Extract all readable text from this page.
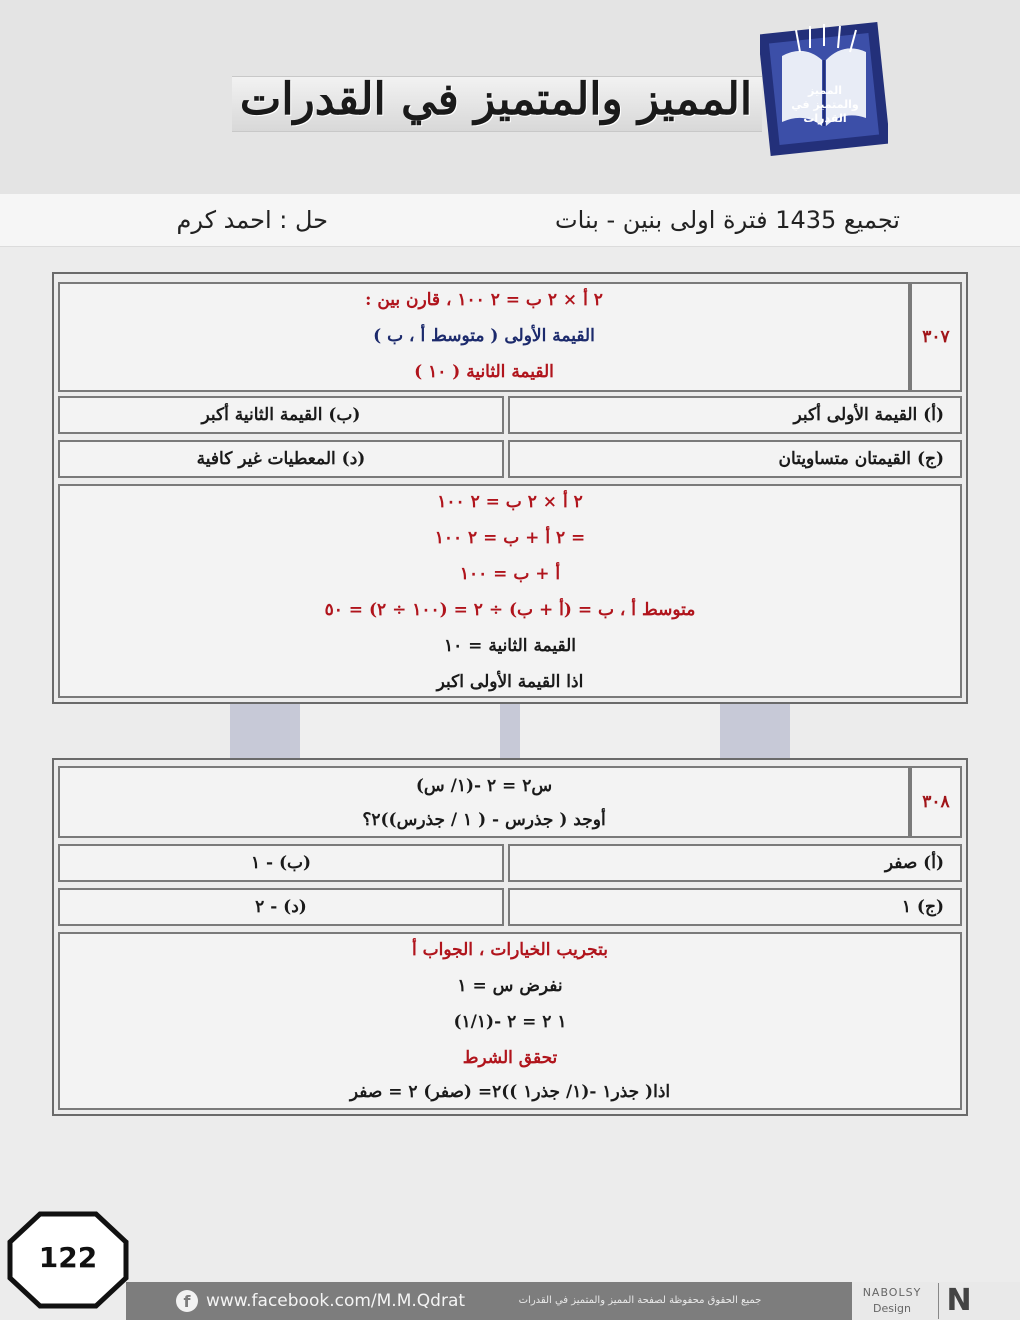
المميز والمتميز في القدرات	المميز والمتميز في القدرات
حل : احمد كرم	تجميع 1435 فترة اولى بنين - بنات
٣٠٧
٢ أ × ٢ ب = ٢ ١٠٠ ، قارن بين :
القيمة الأولى ( متوسط أ ، ب )
القيمة الثانية ( ١٠ )
(أ) القيمة الأولى أكبر
(ب) القيمة الثانية أكبر
(ج) القيمتان متساويتان
(د) المعطيات غير كافية
٢ أ × ٢ ب = ٢ ١٠٠
= ٢ أ + ب = ٢ ١٠٠
أ + ب = ١٠٠
متوسط أ ، ب = (أ + ب) ÷ ٢ = (١٠٠ ÷ ٢) = ٥٠
القيمة الثانية = ١٠
اذا القيمة الأولى اكبر
٣٠٨
س٢ = ٢ -(١/ س)
أوجد ( جذرس - ( ١ / جذرس))٢؟
(أ) صفر
(ب) - ١
(ج) ١
(د) - ٢
بتجريب الخيارات ، الجواب أ
نفرض س = ١
١ ٢ = ٢ -(١/١)
تحقق الشرط
اذا( جذر١ -(١/ جذر١ ))٢= (صفر) ٢ = صفر
122
f www.facebook.com/M.M.Qdrat	جميع الحقوق محفوظة لصفحة المميز والمتميز في القدرات
NABOLSY
Design	N
